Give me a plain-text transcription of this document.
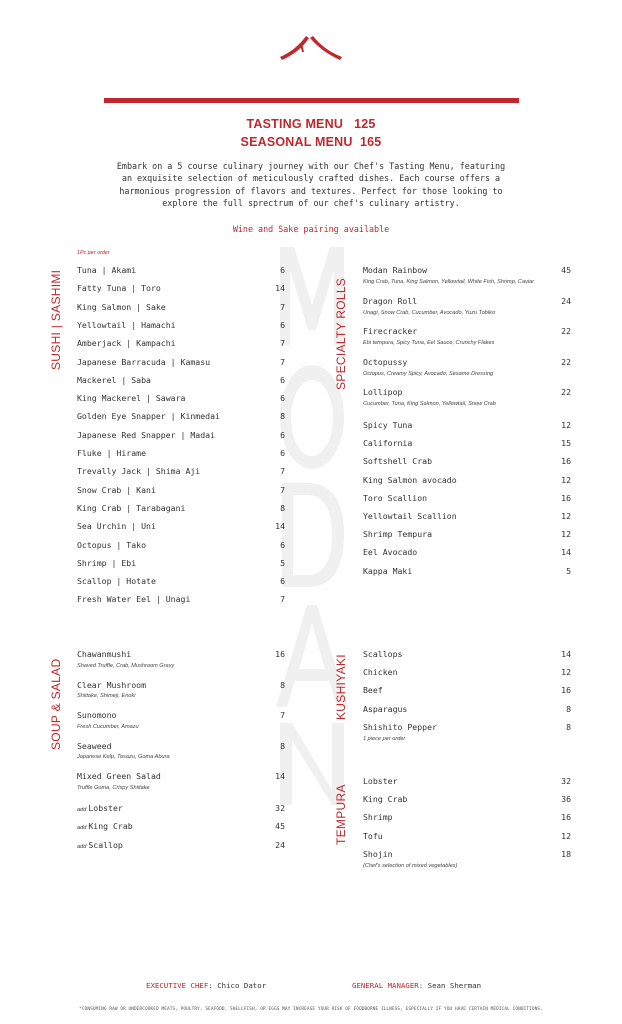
TASTING MENU 125
SEASONAL MENU 165
Embark on a 5 course culinary journey with our Chef's Tasting Menu, featuring
an exquisite selection of meticulously crafted dishes. Each course offers a
harmonious progression of flavors and textures. Perfect for those looking to
explore the full sprectrum of our chef's culinary artistry.
Wine and Sake pairing available
SUSHI | SASHIMI
1Pc per order
Tuna | Akami	6
Fatty Tuna | Toro	14
King Salmon | Sake	7
Yellowtail | Hamachi	6
Amberjack | Kampachi	7
Japanese Barracuda | Kamasu	7
Mackerel | Saba	6
King Mackerel | Sawara	6
Golden Eye Snapper | Kinmedai	8
Japanese Red Snapper | Madai	6
Fluke | Hirame	6
Trevally Jack | Shima Aji	7
Snow Crab | Kani	7
King Crab | Tarabagani	8
Sea Urchin | Uni	14
Octopus | Tako	6
Shrimp | Ebi	5
Scallop | Hotate	6
Fresh Water Eel | Unagi	7
SPECIALTY ROLLS
Modan Rainbow	45
King Crab, Tuna, King Salmon, Yellowtail, White Fish, Shrimp, Caviar
Dragon Roll	24
Unagi, Snow Crab, Cucumber, Avocado, Yuzu Tobiko
Firecracker	22
Ebi tempura, Spicy Tuna, Eel Sauce, Crunchy Flakes
Octopussy	22
Octopus, Creamy Spicy, Avocado, Sesame Dressing
Lollipop	22
Cucumber, Tuna, King Salmon, Yellowtail, Snow Crab
Spicy Tuna	12
California	15
Softshell Crab	16
King Salmon avocado	12
Toro Scallion	16
Yellowtail Scallion	12
Shrimp Tempura	12
Eel Avocado	14
Kappa Maki	5
SOUP & SALAD
Chawanmushi	16
Shaved Truffle, Crab, Mushroom Gravy
Clear Mushroom	8
Shiitake, Shimeji, Enoki
Sunomono	7
Fresh Cucumber, Amazu
Seaweed	8
Japanese Kelp, Tosazu, Goma Abura
Mixed Green Salad	14
Truffle Goma, Crispy Shiitake
add Lobster	32
add King Crab	45
add Scallop	24
KUSHIYAKI
Scallops	14
Chicken	12
Beef	16
Asparagus	8
Shishito Pepper	8
1 piece per order
TEMPURA
Lobster	32
King Crab	36
Shrimp	16
Tofu	12
Shojin	18
(Chef's selection of mixed vegetables)
EXECUTIVE CHEF: Chico Dator	GENERAL MANAGER: Sean Sherman
*CONSUMING RAW OR UNDERCOOKED MEATS, POULTRY, SEAFOOD, SHELLFISH, OR EGGS MAY INCREASE YOUR RISK OF FOODBORNE ILLNESS, ESPECIALLY IF YOU HAVE CERTAIN MEDICAL CONDITIONS.
